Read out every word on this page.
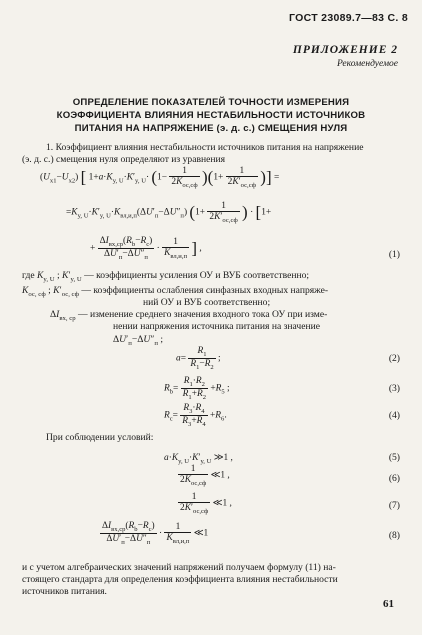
ГОСТ 23089.7—83 С. 8
ПРИЛОЖЕНИЕ 2
Рекомендуемое
ОПРЕДЕЛЕНИЕ ПОКАЗАТЕЛЕЙ ТОЧНОСТИ ИЗМЕРЕНИЯ
КОЭФФИЦИЕНТА ВЛИЯНИЯ НЕСТАБИЛЬНОСТИ ИСТОЧНИКОВ
ПИТАНИЯ НА НАПРЯЖЕНИЕ (э. д. с.) СМЕЩЕНИЯ НУЛЯ
1. Коэффициент влияния нестабильности источников питания на напряжение
(э. д. с.) смещения нуля определяют из уравнения
$(U_{x1}-U_{x2})$ [ $1+a\cdot K_{y, U}\cdot K'_{y, U}\cdot (1- \frac{1}{2K_{ос,сф}} )(1+ \frac{1}{2K'_{ос,сф}}$ )] =
$=K_{y, U}\cdot K'_{y, U}\cdot K_{вл,и,п}(\Delta U'_п-\Delta U''_п)$ ($1+ \frac{1}{2K'_{ос,сф}}$ ) · [1+
+ $\frac{\Delta I_{вх,ср}(R_b-R_c)}{\Delta U'_п-\Delta U''_п} \cdot \frac{1}{K_{вл,и,п}}$ ] ,
(1)
где $K_{y, U}$ ; $K'_{y, U}$ — коэффициенты усиления ОУ и ВУБ соответственно;
$K_{ос, сф}$ ; $K'_{ос, сф}$ — коэффициенты ослабления синфазных входных напряже-
ний ОУ и ВУБ соответственно;
$\Delta I_{вх, ср}$ — изменение среднего значения входного тока ОУ при изме-
нении напряжения источника питания на значение
$\Delta U'_п-\Delta U''_п$ ;
$a= \frac{R_1}{R_1-R_2}$ ;	(2)
$R_b= \frac{R_1\cdot R_2}{R_1+R_2} +R_5$ ;	(3)
$R_c= \frac{R_3\cdot R_4}{R_3+R_4} +R_6$.	(4)
При соблюдении условий:
$a\cdot K_{y, U}\cdot K'_{y, U}$ ≫1 ,	(5)
$\frac{1}{2K_{ос,сф}}$ ≪1 ,	(6)
$\frac{1}{2K'_{ос,сф}}$ ≪1 ,	(7)
$\frac{\Delta I_{вх,ср}(R_b-R_c)}{\Delta U'_п-\Delta U''_п} \cdot \frac{1}{K_{вл,и,п}}$ ≪1	(8)
и с учетом алгебраических значений напряжений получаем формулу (11) на-
стоящего стандарта для определения коэффициента влияния нестабильности
источников питания.
61
